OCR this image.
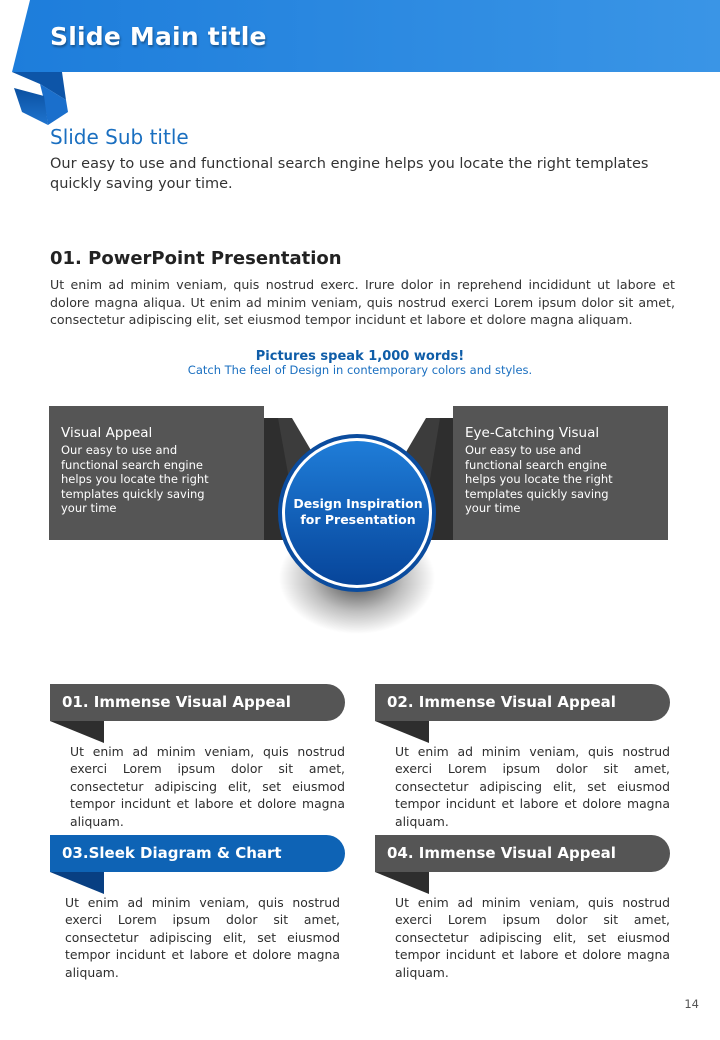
Slide Main title
Slide Sub title
Our easy to use and functional search engine helps you locate the right templates quickly saving your time.
01. PowerPoint Presentation
Ut enim ad minim veniam, quis nostrud exerc. Irure dolor in reprehend incididunt ut labore et dolore magna aliqua. Ut enim ad minim veniam, quis nostrud exerci Lorem ipsum dolor sit amet, consectetur adipiscing elit, set eiusmod tempor incidunt et labore et dolore magna aliquam.
Pictures speak 1,000 words!
Catch The feel of Design in contemporary colors and styles.
Visual Appeal
Our easy to use and functional search engine helps you locate the right templates quickly saving your time
Eye-Catching Visual
Our easy to use and functional search engine helps you locate the right templates quickly saving your time
Design Inspiration
for Presentation
01. Immense Visual Appeal
Ut enim ad minim veniam, quis nostrud exerci Lorem ipsum dolor sit amet, consectetur adipiscing elit, set eiusmod tempor incidunt et labore et dolore magna aliquam.
02. Immense Visual Appeal
Ut enim ad minim veniam, quis nostrud exerci Lorem ipsum dolor sit amet, consectetur adipiscing elit, set eiusmod tempor incidunt et labore et dolore magna aliquam.
03.Sleek Diagram & Chart
Ut enim ad minim veniam, quis nostrud exerci Lorem ipsum dolor sit amet, consectetur adipiscing elit, set eiusmod tempor incidunt et labore et dolore magna aliquam.
04. Immense Visual Appeal
Ut enim ad minim veniam, quis nostrud exerci Lorem ipsum dolor sit amet, consectetur adipiscing elit, set eiusmod tempor incidunt et labore et dolore magna aliquam.
14
